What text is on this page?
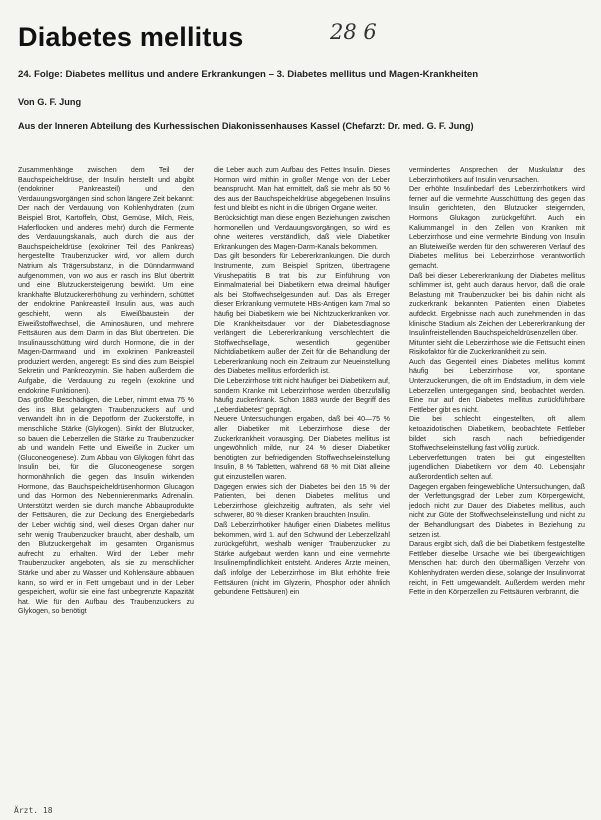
Diabetes mellitus	28 6

24. Folge: Diabetes mellitus und andere Erkrankungen – 3. Diabetes mellitus und Magen-Krankheiten

Von G. F. Jung

Aus der Inneren Abteilung des Kurhessischen Diakonissenhauses Kassel (Chefarzt: Dr. med. G. F. Jung)

Zusammenhänge zwischen dem Teil der Bauchspeicheldrüse, der Insulin herstellt und abgibt (endokriner Pankreasteil) und den Verdauungsvorgängen sind schon längere Zeit bekannt: Der nach der Verdauung von Kohlenhydraten (zum Beispiel Brot, Kartoffeln, Obst, Gemüse, Milch, Reis, Haferflocken und anderes mehr) durch die Fermente des Verdauungskanals, auch durch die aus der Bauchspeicheldrüse (exokriner Teil des Pankreas) hergestellte Traubenzucker wird, vor allem durch Natrium als Trägersubstanz, in die Dünndarmwand aufgenommen, von wo aus er rasch ins Blut übertritt und eine Blutzuckersteigerung bewirkt. Um eine krankhafte Blutzuckererhöhung zu verhindern, schüttet der endokrine Pankreasteil Insulin aus, was auch geschieht, wenn als Eiweißbaustein der Eiweißstoffwechsel, die Aminosäuren, und mehrere Fettsäuren aus dem Darm in das Blut übertreten. Die Insulinausschüttung wird durch Hormone, die in der Magen-Darmwand und im exokrinen Pankreasteil produziert werden, angeregt: Es sind dies zum Beispiel Sekretin und Pankreozymin. Sie haben außerdem die Aufgabe, die Verdauung zu regeln (exokrine und endokrine Funktionen).

Das größte Beschädigen, die Leber, nimmt etwa 75 % des ins Blut gelangten Traubenzuckers auf und verwandelt ihn in die Depotform der Zuckerstoffe, in menschliche Stärke (Glykogen). Sinkt der Blutzucker, so bauen die Leberzellen die Stärke zu Traubenzucker ab und wandeln Fette und Eiweiße in Zucker um (Gluconeogenese). Zum Abbau von Glykogen führt das Insulin bei, für die Gluconeogenese sorgen hormonähnlich die gegen das Insulin wirkenden Hormone, das Bauchspeicheldrüsenhormon Glucagon und das Hormon des Nebennierenmarks Adrenalin. Unterstützt werden sie durch manche Abbauprodukte der Fettsäuren, die zur Deckung des Energiebedarfs der Leber wichtig sind, weil dieses Organ daher nur sehr wenig Traubenzucker braucht, aber deshalb, um den Blutzuckergehalt im gesamten Organismus aufrecht zu erhalten. Wird der Leber mehr Traubenzucker angeboten, als sie zu menschlicher Stärke und aber zu Wasser und Kohlensäure abbauen kann, so wird er in Fett umgebaut und in der Leber gespeichert, wofür sie eine fast unbegrenzte Kapazität hat. Wie für den Aufbau des Traubenzuckers zu Glykogen, so benötigt

die Leber auch zum Aufbau des Fettes Insulin. Dieses Hormon wird mithin in großer Menge von der Leber beansprucht. Man hat ermittelt, daß sie mehr als 50 % des aus der Bauchspeicheldrüse abgegebenen Insulins fest und bleibt es nicht in die übrigen Organe weiter.

Berücksichtigt man diese engen Beziehungen zwischen hormonellen und Verdauungsvorgängen, so wird es ohne weiteres verständlich, daß viele Diabetiker Erkrankungen des Magen-Darm-Kanals bekommen.

Das gilt besonders für Lebererkrankungen. Die durch Instrumente, zum Beispiel Spritzen, übertragene Virushepatitis B trat bis zur Einführung von Einmalmaterial bei Diabetikern etwa dreimal häufiger als bei Stoffwechselgesunden auf. Das als Erreger dieser Erkrankung vermutete HBs-Antigen kam 7mal so häufig bei Diabetikern wie bei Nichtzuckerkranken vor. Die Krankheitsdauer vor der Diabetesdiagnose verlängert die Lebererkrankung verschlechtert die Stoffwechsellage, wesentlich gegenüber Nichtdiabetikern außer der Zeit für die Behandlung der Lebererkrankung noch ein Zeitraum zur Neueinstellung des Diabetes mellitus erforderlich ist.

Die Leberzirrhose tritt nicht häufiger bei Diabetikern auf, sondern Kranke mit Leberzirrhose werden überzufällig häufig zuckerkrank. Schon 1883 wurde der Begriff des „Leberdiabetes“ geprägt.

Neuere Untersuchungen ergaben, daß bei 40—75 % aller Diabetiker mit Leberzirrhose diese der Zuckerkrankheit vorausging. Der Diabetes mellitus ist ungewöhnlich milde, nur 24 % dieser Diabetiker benötigten zur befriedigenden Stoffwechseleinstellung Insulin, 8 % Tabletten, während 68 % mit Diät alleine gut einzustellen waren.

Dagegen erwies sich der Diabetes bei den 15 % der Patienten, bei denen Diabetes mellitus und Leberzirrhose gleichzeitig auftraten, als sehr viel schwerer, 80 % dieser Kranken brauchten Insulin.

Daß Leberzirrhotiker häufiger einen Diabetes mellitus bekommen, wird 1. auf den Schwund der Leberzellzahl zurückgeführt, weshalb weniger Traubenzucker zu Stärke aufgebaut werden kann und eine vermehrte Insulinempfindlichkeit entsteht. Anderes Ärzte meinen, daß infolge der Leberzirrhose im Blut erhöhte freie Fettsäuren (nicht im Glyzerin, Phosphor oder ähnlich gebundene Fettsäuren) ein

vermindertes Ansprechen der Muskulatur des Leberzirrhotikers auf Insulin verursachen.

Der erhöhte Insulinbedarf des Leberzirrhotikers wird ferner auf die vermehrte Ausschüttung des gegen das Insulin gerichteten, den Blutzucker steigernden, Hormons Glukagon zurückgeführt. Auch ein Kaliummangel in den Zellen von Kranken mit Leberzirrhose und eine vermehrte Bindung von Insulin an Bluteiweiße werden für den schwereren Verlauf des Diabetes mellitus bei Leberzirrhose verantwortlich gemacht.

Daß bei dieser Lebererkrankung der Diabetes mellitus schlimmer ist, geht auch daraus hervor, daß die orale Belastung mit Traubenzucker bei bis dahin nicht als zuckerkrank bekannten Patienten einen Diabetes aufdeckt. Ergebnisse nach auch zunehmenden in das klinische Stadium als Zeichen der Lebererkrankung der Insulinfreistellenden Bauchspeicheldrüsenzellen über.

Mitunter sieht die Leberzirrhose wie die Fettsucht einen Risikofaktor für die Zuckerkrankheit zu sein.

Auch das Gegenteil eines Diabetes mellitus kommt häufig bei Leberzirrhose vor, spontane Unterzuckerungen, die oft im Endstadium, in dem viele Leberzellen untergegangen sind, beobachtet werden. Eine nur auf den Diabetes mellitus zurückführbare Fettleber gibt es nicht.

Die bei schlecht eingestellten, oft allem ketoazidotischen Diabetikern, beobachtete Fettleber bildet sich rasch nach befriedigender Stoffwechseleinstellung fast völlig zurück.

Leberverfettungen traten bei gut eingestellten jugendlichen Diabetikern vor dem 40. Lebensjahr außerordentlich selten auf.

Dagegen ergaben feingewebliche Untersuchungen, daß der Verfettungsgrad der Leber zum Körpergewicht, jedoch nicht zur Dauer des Diabetes mellitus, auch nicht zur Güte der Stoffwechseleinstellung und nicht zu der Behandlungsart des Diabetes in Beziehung zu setzen ist.

Daraus ergibt sich, daß die bei Diabetikern festgestellte Fettleber dieselbe Ursache wie bei übergewichtigen Menschen hat: durch den übermäßigen Verzehr von Kohlenhydraten werden diese, solange der Insulinvorrat reicht, in Fett umgewandelt. Außerdem werden mehr Fette in den Körperzellen zu Fettsäuren verbrannt, die

Ärzt. 18
